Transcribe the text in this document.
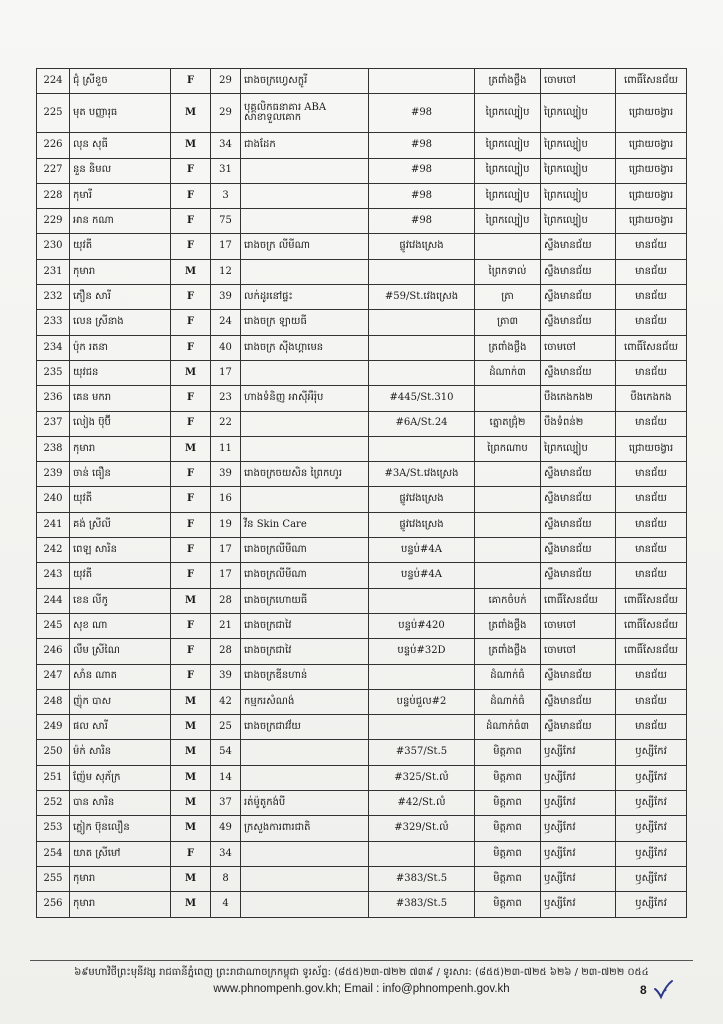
224	ជុំ ស្រីខួច	F	29	រោងចក្រហ្វេសក្លូរី		ត្រពាំងថ្លឹង	ចោមចៅ	ពោធិ៍សែនជ័យ
225	មុត បញ្ញារុធ	M	29	បុគ្គលិកធនាគារ ABA សាខាទួលគោក	#98	ព្រៃកល្បៀប	ព្រៃកល្បៀប	ជ្រោយចង្វារ
226	លុន សុធី	M	34	ជាងដែក	#98	ព្រៃកល្បៀប	ព្រៃកល្បៀប	ជ្រោយចង្វារ
227	នួន និមល	F	31		#98	ព្រៃកល្បៀប	ព្រៃកល្បៀប	ជ្រោយចង្វារ
228	កុមារី	F	3		#98	ព្រៃកល្បៀប	ព្រៃកល្បៀប	ជ្រោយចង្វារ
229	អាន កណា	F	75		#98	ព្រៃកល្បៀប	ព្រៃកល្បៀប	ជ្រោយចង្វារ
230	យុវតី	F	17	រោងចក្រ លីមីណា	ផ្លូវវេងស្រេង		ស្ទឹងមានជ័យ	មានជ័យ
231	កុមារា	M	12			ព្រៃកទាល់	ស្ទឹងមានជ័យ	មានជ័យ
232	ភឿន សារី	F	39	លក់ដូរនៅផ្ទះ	#59/St.វេងស្រេង	ត្រា	ស្ទឹងមានជ័យ	មានជ័យ
233	លេន ស្រីនាង	F	24	រោងចក្រ ឡាយធី		ត្រា៣	ស្ទឹងមានជ័យ	មានជ័យ
234	ប៉ុក រតនា	F	40	រោងចក្រ ស៊ីងហ្គាមេន		ត្រពាំងថ្លឹង	ចោមចៅ	ពោធិ៍សែនជ័យ
235	យុវជន	M	17			ដំណាក់៣	ស្ទឹងមានជ័យ	មានជ័យ
236	គេន មករា	F	23	ហាងទំនិញ អាស៊ីអឺរ៉ុប	#445/St.310		បឹងកេងកង២	បឹងកេងកង
237	លៀង ប៊ុប៊ី	F	22		#6A/St.24	ត្នោតជ្រុំ២	បឹងទំពន់២	មានជ័យ
238	កុមារា	M	11			ព្រៃកណាប	ព្រៃកល្បៀប	ជ្រោយចង្វារ
239	ចាន់ ធឿន	F	39	រោងចក្រចយសិន ព្រៃកហូរ	#3A/St.វេងស្រេង		ស្ទឹងមានជ័យ	មានជ័យ
240	យុវតី	F	16		ផ្លូវវេងស្រេង		ស្ទឹងមានជ័យ	មានជ័យ
241	គង់ ស្រីលី	F	19	វីន Skin Care	ផ្លូវវេងស្រេង		ស្ទឹងមានជ័យ	មានជ័យ
242	ពេឡ សារិន	F	17	រោងចក្រលីមីណា	បន្ទប់#4A		ស្ទឹងមានជ័យ	មានជ័យ
243	យុវតី	F	17	រោងចក្រលីមីណា	បន្ទប់#4A		ស្ទឹងមានជ័យ	មានជ័យ
244	ខេន លីកូ	M	28	រោងចក្រហោយធី		គោកចំបក់	ពោធិ៍សែនជ័យ	ពោធិ៍សែនជ័យ
245	សុខ ណា	F	21	រោងចក្រជាវៃ	បន្ទប់#420	ត្រពាំងថ្លឹង	ចោមចៅ	ពោធិ៍សែនជ័យ
246	លឹម ស្រីណៃ	F	28	រោងចក្រជាវៃ	បន្ទប់#32D	ត្រពាំងថ្លឹង	ចោមចៅ	ពោធិ៍សែនជ័យ
247	សាំន ណាត	F	39	រោងចក្រឌីនហាន់		ដំណាក់ធំ	ស្ទឹងមានជ័យ	មានជ័យ
248	ញ៉ុក បាស	M	42	កម្មករសំណង់	បន្ទប់ជួល#2	ដំណាក់ធំ	ស្ទឹងមានជ័យ	មានជ័យ
249	ផល សារី	M	25	រោងចក្រជាវវ័យ		ដំណាក់ធំ៣	ស្ទឹងមានជ័យ	មានជ័យ
250	ម៉ក់ សារិន	M	54		#357/St.5	មិត្តភាព	ឫស្សីកែវ	ឫស្សីកែវ
251	ញ៉ែម សុភ័ក្រ	M	14		#325/St.លំ	មិត្តភាព	ឫស្សីកែវ	ឫស្សីកែវ
252	បាន សារិន	M	37	រត់ម៉ូតូកង់បី	#42/St.លំ	មិត្តភាព	ឫស្សីកែវ	ឫស្សីកែវ
253	ភ្លៀក ប៊ុនលឿន	M	49	ក្រសួងការពារជាតិ	#329/St.លំ	មិត្តភាព	ឫស្សីកែវ	ឫស្សីកែវ
254	យាត ស្រីមៅ	F	34			មិត្តភាព	ឫស្សីកែវ	ឫស្សីកែវ
255	កុមារា	M	8		#383/St.5	មិត្តភាព	ឫស្សីកែវ	ឫស្សីកែវ
256	កុមារា	M	4		#383/St.5	មិត្តភាព	ឫស្សីកែវ	ឫស្សីកែវ
៦៩មហាវិថីព្រះមុនីវង្ស រាជធានីភ្នំពេញ ព្រះរាជាណាចក្រកម្ពុជា ទូរស័ព្ទ: (៨៥៥)២៣-៧២២ ៧៣៩ / ទូរសារ: (៨៥៥)២៣-៧២៥ ៦២៦ / ២៣-៧២២ ០៥៤
www.phnompenh.gov.kh; Email : info@phnompenh.gov.kh	8
